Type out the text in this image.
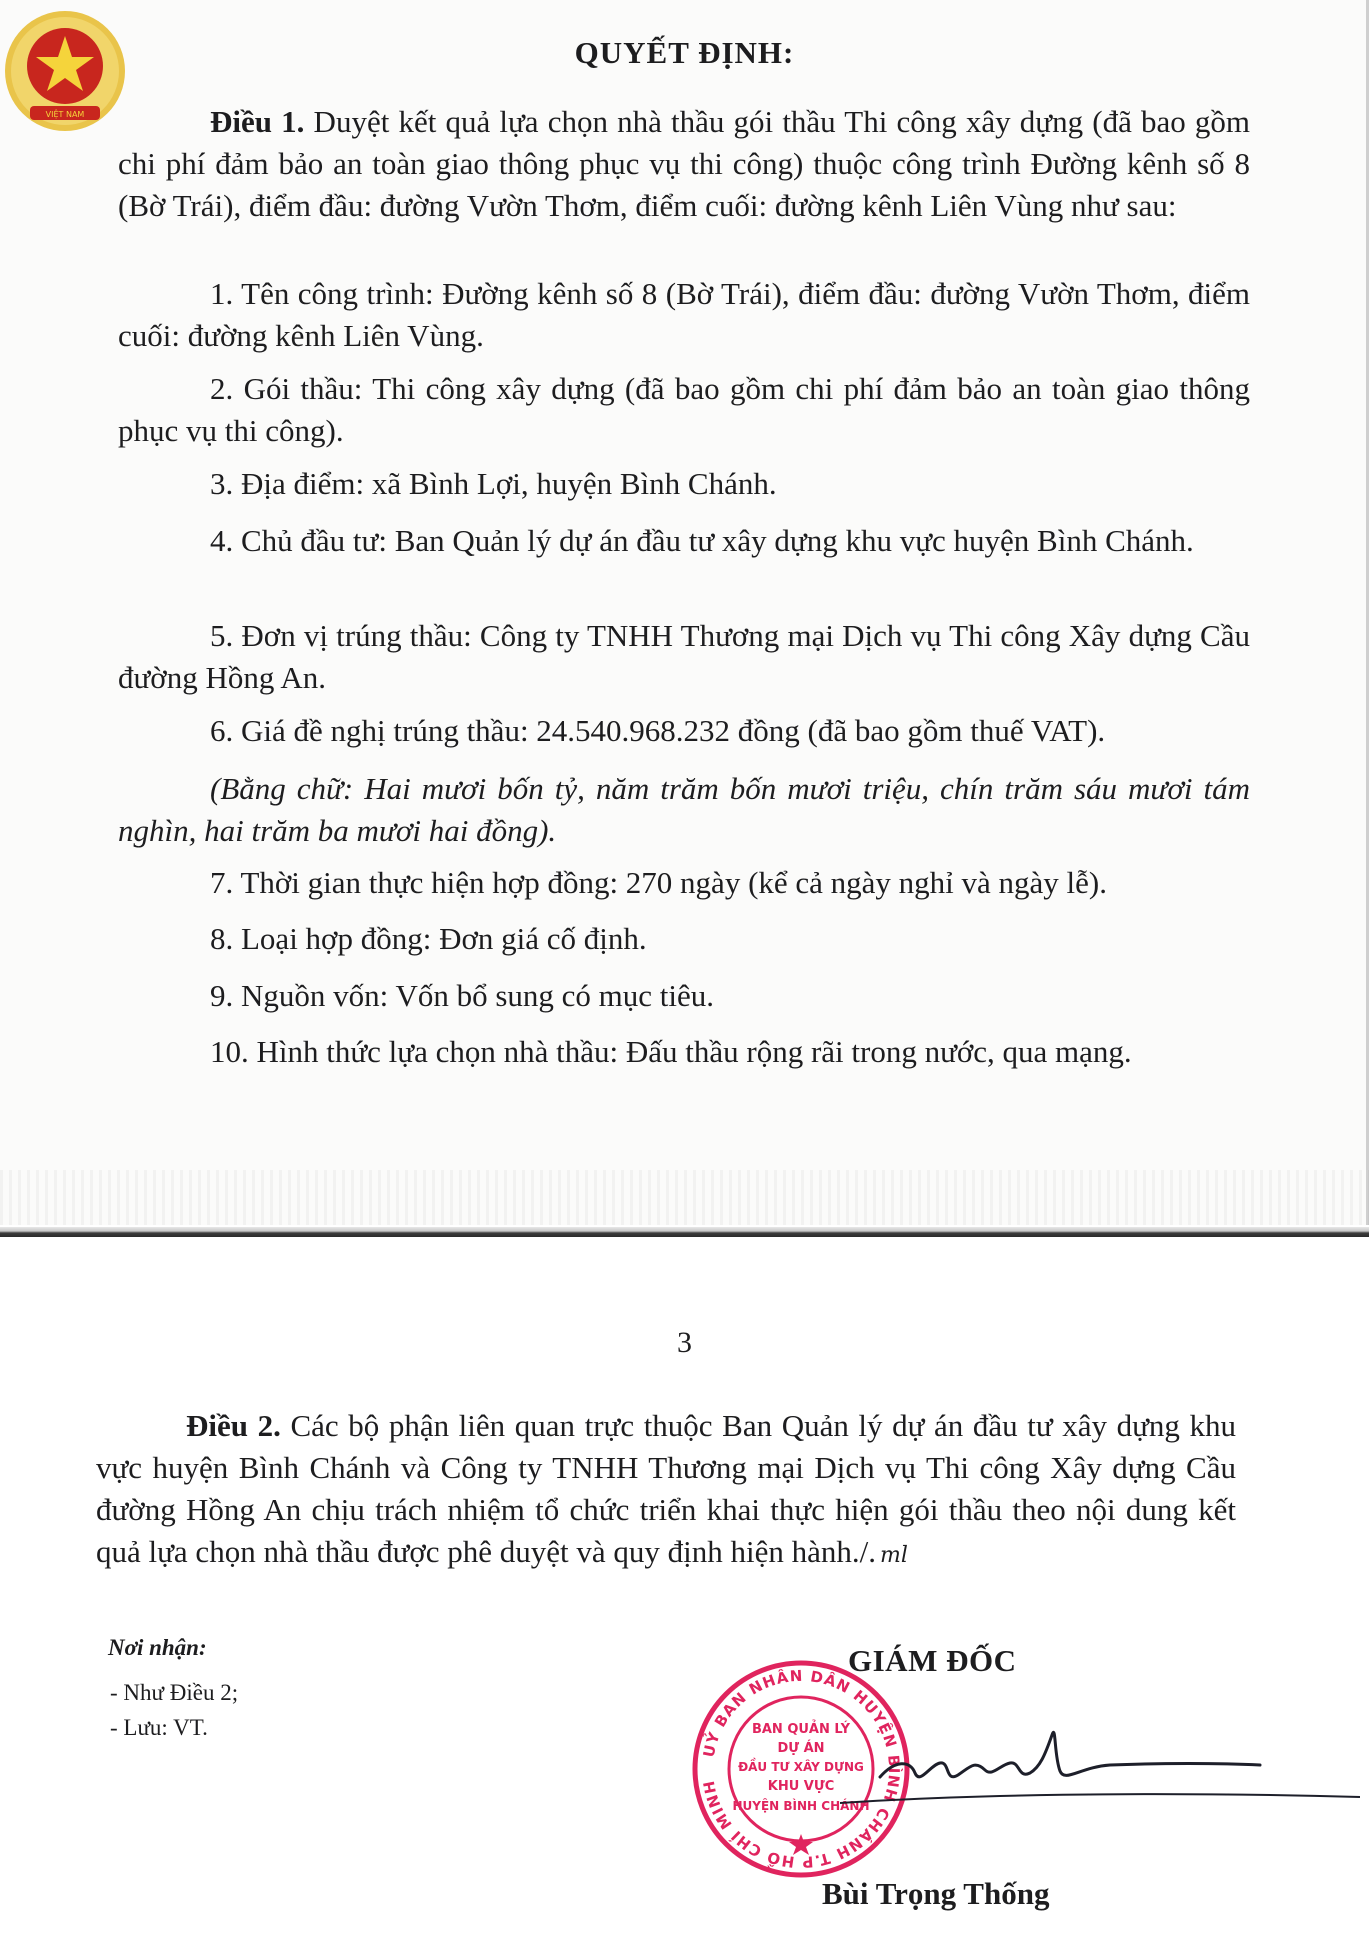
VIỆT NAM
QUYẾT ĐỊNH:

Điều 1. Duyệt kết quả lựa chọn nhà thầu gói thầu Thi công xây dựng (đã bao gồm chi phí đảm bảo an toàn giao thông phục vụ thi công) thuộc công trình Đường kênh số 8 (Bờ Trái), điểm đầu: đường Vườn Thơm, điểm cuối: đường kênh Liên Vùng như sau:

1. Tên công trình: Đường kênh số 8 (Bờ Trái), điểm đầu: đường Vườn Thơm, điểm cuối: đường kênh Liên Vùng.

2. Gói thầu: Thi công xây dựng (đã bao gồm chi phí đảm bảo an toàn giao thông phục vụ thi công).

3. Địa điểm: xã Bình Lợi, huyện Bình Chánh.

4. Chủ đầu tư: Ban Quản lý dự án đầu tư xây dựng khu vực huyện Bình Chánh.

5. Đơn vị trúng thầu: Công ty TNHH Thương mại Dịch vụ Thi công Xây dựng Cầu đường Hồng An.

6. Giá đề nghị trúng thầu: 24.540.968.232 đồng (đã bao gồm thuế VAT).

(Bằng chữ: Hai mươi bốn tỷ, năm trăm bốn mươi triệu, chín trăm sáu mươi tám nghìn, hai trăm ba mươi hai đồng).

7. Thời gian thực hiện hợp đồng: 270 ngày (kể cả ngày nghỉ và ngày lễ).

8. Loại hợp đồng: Đơn giá cố định.

9. Nguồn vốn: Vốn bổ sung có mục tiêu.

10. Hình thức lựa chọn nhà thầu: Đấu thầu rộng rãi trong nước, qua mạng.

3

Điều 2. Các bộ phận liên quan trực thuộc Ban Quản lý dự án đầu tư xây dựng khu vực huyện Bình Chánh và Công ty TNHH Thương mại Dịch vụ Thi công Xây dựng Cầu đường Hồng An chịu trách nhiệm tổ chức triển khai thực hiện gói thầu theo nội dung kết quả lựa chọn nhà thầu được phê duyệt và quy định hiện hành./. ml

Nơi nhận:
- Như Điều 2;
- Lưu: VT.
UỶ BAN NHÂN DÂN HUYỆN BÌNH CHÁNH T.P HỒ CHÍ MINH
BAN QUẢN LÝ
DỰ ÁN
ĐẦU TƯ XÂY DỰNG
KHU VỰC
HUYỆN BÌNH CHÁNH
GIÁM ĐỐC
Bùi Trọng Thống
